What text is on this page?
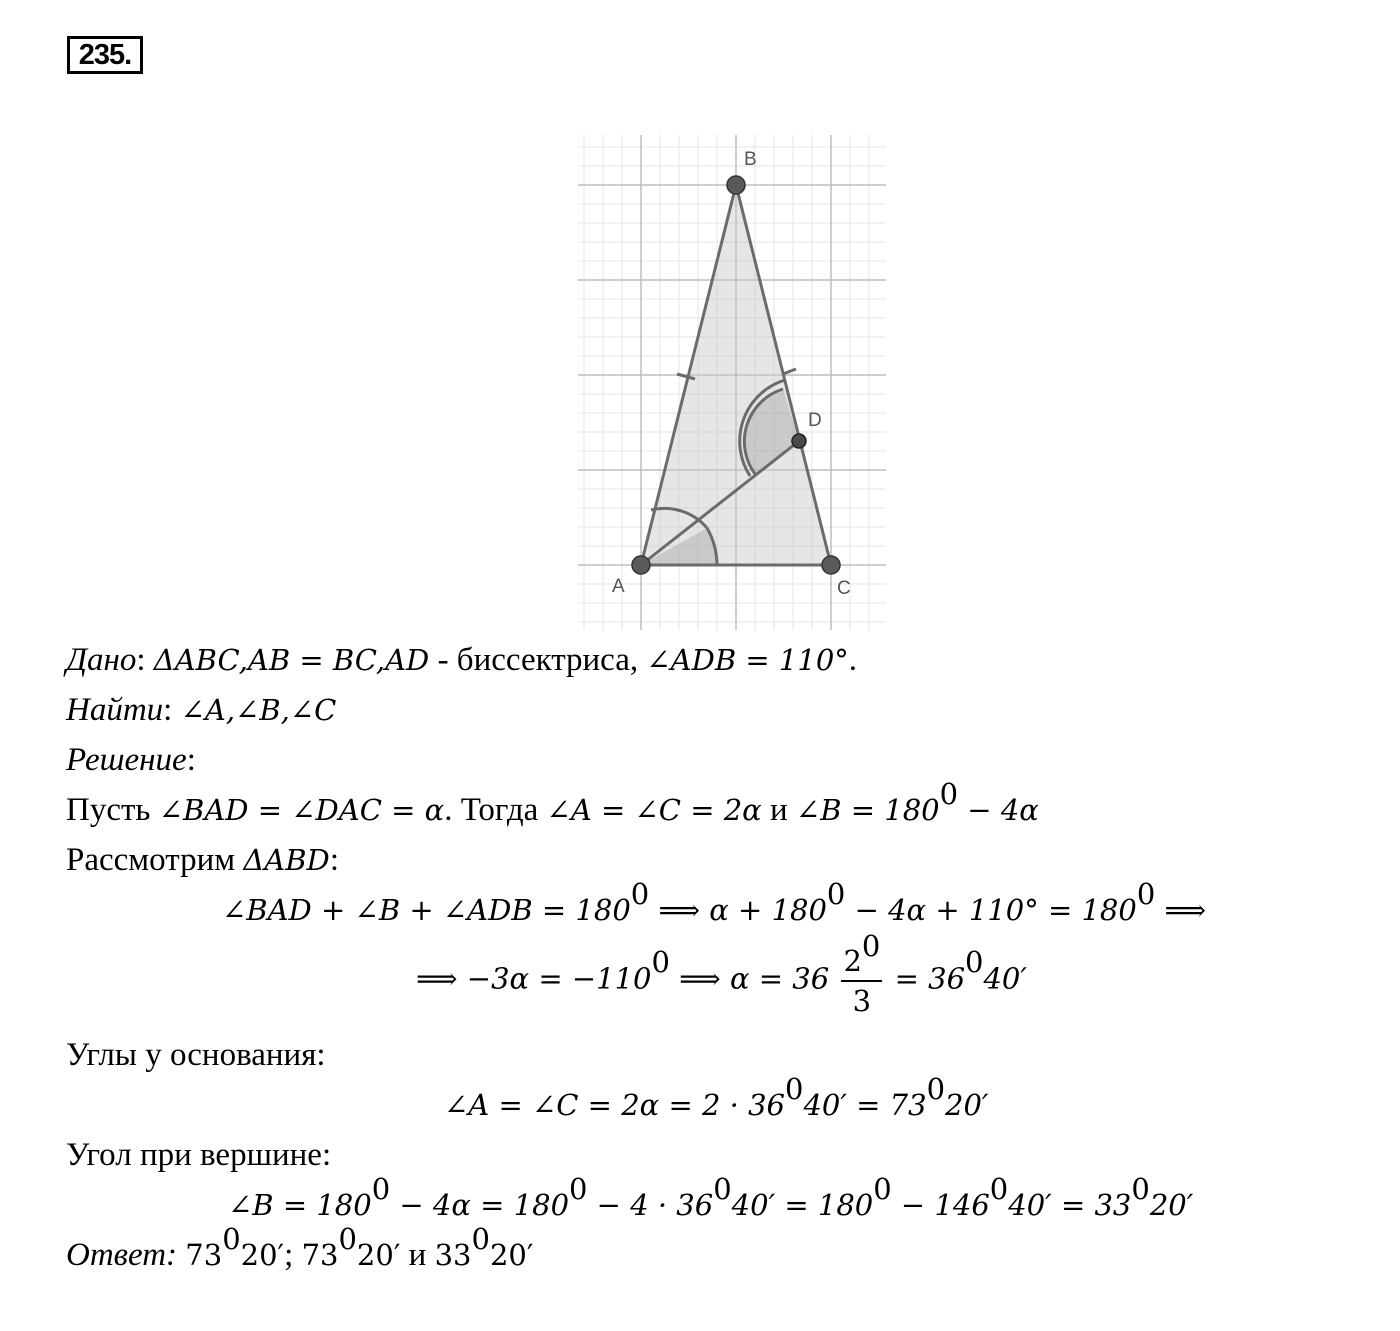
235.
A
B
C
D
Дано: ΔABC,AB = BC,AD - биссектриса, ∠ADB = 110°.
Найти: ∠A,∠B,∠C
Решение:
Пусть ∠BAD = ∠DAC = α. Тогда ∠A = ∠C = 2α и ∠B = $180^0 - 4\alpha$
Рассмотрим ΔABD:
∠BAD + ∠B + ∠ADB = $180^0$ ⟹ $\alpha + 180^0 - 4\alpha + 110^\circ = 180^0$ ⟹
⟹ $-3\alpha = -110^0$ ⟹ $\alpha = 36 \frac{2^0}{3} = 36^040'$
Углы у основания:
∠A = ∠C = $2\alpha = 2 \cdot 36^040' = 73^020'$
Угол при вершине:
∠B = $180^0 - 4\alpha = 180^0 - 4 \cdot 36^040' = 180^0 - 146^040' = 33^020'$
Ответ: $73^020'$; $73^020'$ и $33^020'$
